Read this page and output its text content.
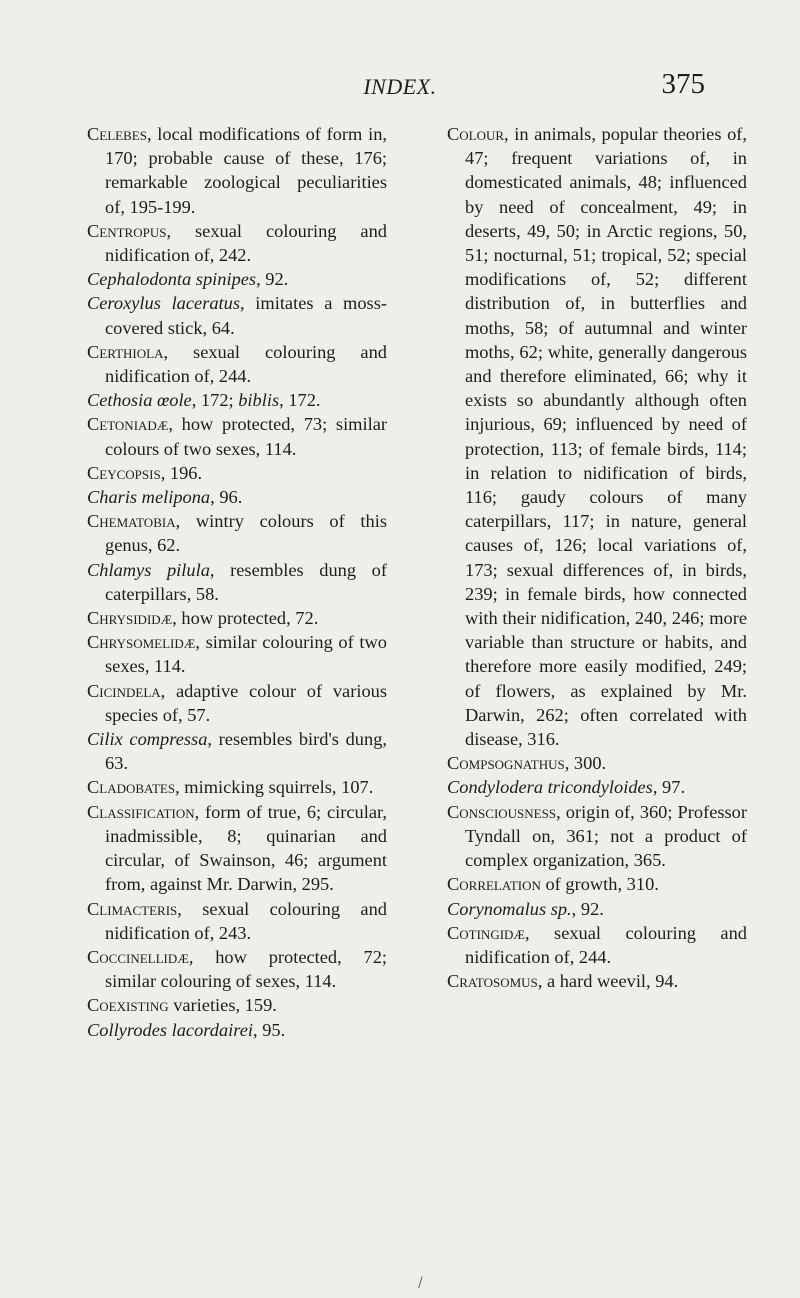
INDEX.	375

Celebes, local modifications of form in, 170; probable cause of these, 176; remarkable zoological peculiarities of, 195-199.

Centropus, sexual colouring and nidification of, 242.

Cephalodonta spinipes, 92.

Ceroxylus laceratus, imitates a moss-covered stick, 64.

Certhiola, sexual colouring and nidification of, 244.

Cethosia œole, 172; biblis, 172.

Cetoniadæ, how protected, 73; similar colours of two sexes, 114.

Ceycopsis, 196.

Charis melipona, 96.

Chematobia, wintry colours of this genus, 62.

Chlamys pilula, resembles dung of caterpillars, 58.

Chrysididæ, how protected, 72.

Chrysomelidæ, similar colouring of two sexes, 114.

Cicindela, adaptive colour of various species of, 57.

Cilix compressa, resembles bird's dung, 63.

Cladobates, mimicking squirrels, 107.

Classification, form of true, 6; circular, inadmissible, 8; quinarian and circular, of Swainson, 46; argument from, against Mr. Darwin, 295.

Climacteris, sexual colouring and nidification of, 243.

Coccinellidæ, how protected, 72; similar colouring of sexes, 114.

Coexisting varieties, 159.

Collyrodes lacordairei, 95.

Colour, in animals, popular theories of, 47; frequent variations of, in domesticated animals, 48; influenced by need of concealment, 49; in deserts, 49, 50; in Arctic regions, 50, 51; nocturnal, 51; tropical, 52; special modifications of, 52; different distribution of, in butterflies and moths, 58; of autumnal and winter moths, 62; white, generally dangerous and therefore eliminated, 66; why it exists so abundantly although often injurious, 69; influenced by need of protection, 113; of female birds, 114; in relation to nidification of birds, 116; gaudy colours of many caterpillars, 117; in nature, general causes of, 126; local variations of, 173; sexual differences of, in birds, 239; in female birds, how connected with their nidification, 240, 246; more variable than structure or habits, and therefore more easily modified, 249; of flowers, as explained by Mr. Darwin, 262; often correlated with disease, 316.

Compsognathus, 300.

Condylodera tricondyloides, 97.

Consciousness, origin of, 360; Professor Tyndall on, 361; not a product of complex organization, 365.

Correlation of growth, 310.

Corynomalus sp., 92.

Cotingidæ, sexual colouring and nidification of, 244.

Cratosomus, a hard weevil, 94.

/
